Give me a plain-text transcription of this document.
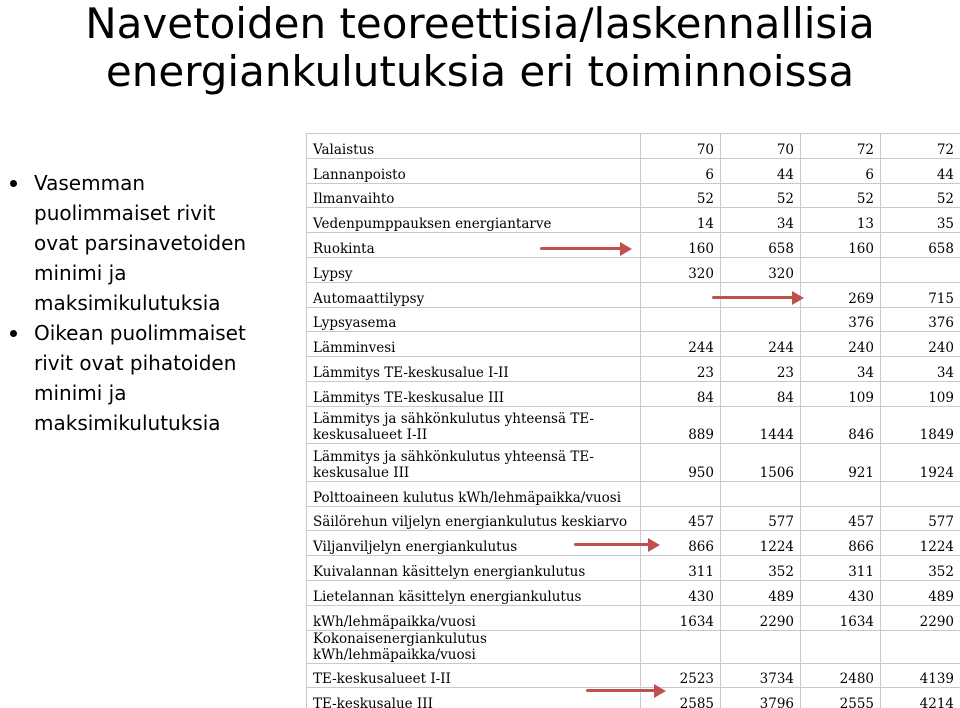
Navetoiden teoreettisia/laskennallisia
energiankulutuksia eri toiminnoissa
Vasemman
puolimmaiset rivit
ovat parsinavetoiden
minimi ja
maksimikulutuksia
Oikean puolimmaiset
rivit ovat pihatoiden
minimi ja
maksimikulutuksia
Valaistus	70	70	72	72
Lannanpoisto	6	44	6	44
Ilmanvaihto	52	52	52	52
Vedenpumppauksen energiantarve	14	34	13	35
Ruokinta	160	658	160	658
Lypsy	320	320		
Automaattilypsy			269	715
Lypsyasema			376	376
Lämminvesi	244	244	240	240
Lämmitys TE-keskusalue I-II	23	23	34	34
Lämmitys TE-keskusalue III	84	84	109	109
Lämmitys ja sähkönkulutus yhteensä TE-keskusalueet I-II	889	1444	846	1849
Lämmitys ja sähkönkulutus yhteensä TE-keskusalue III	950	1506	921	1924
Polttoaineen kulutus kWh/lehmäpaikka/vuosi				
Säilörehun viljelyn energiankulutus keskiarvo	457	577	457	577
Viljanviljelyn energiankulutus	866	1224	866	1224
Kuivalannan käsittelyn energiankulutus	311	352	311	352
Lietelannan käsittelyn energiankulutus	430	489	430	489
kWh/lehmäpaikka/vuosi	1634	2290	1634	2290
Kokonaisenergiankulutus kWh/lehmäpaikka/vuosi				
TE-keskusalueet I-II	2523	3734	2480	4139
TE-keskusalue III	2585	3796	2555	4214
